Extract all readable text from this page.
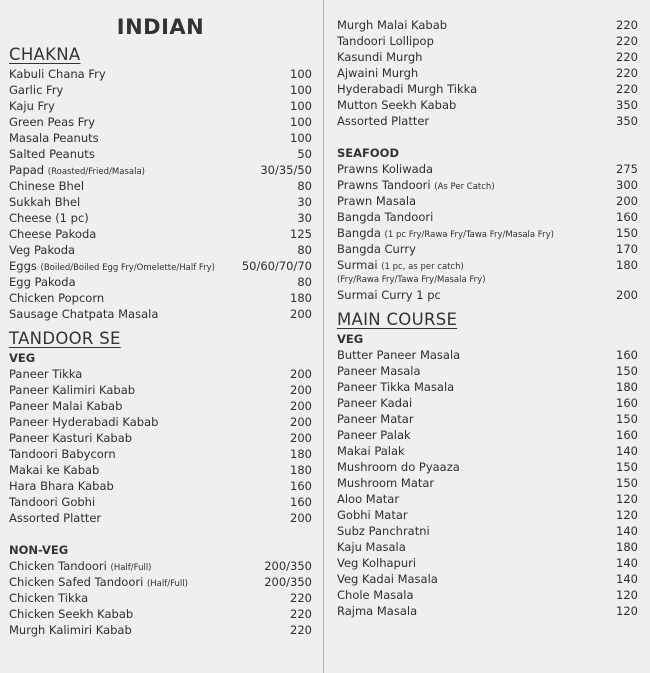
INDIAN
CHAKNA
Kabuli Chana Fry	100
Garlic Fry	100
Kaju Fry	100
Green Peas Fry	100
Masala Peanuts	100
Salted Peanuts	50
Papad (Roasted/Fried/Masala)	30/35/50
Chinese Bhel	80
Sukkah Bhel	30
Cheese (1 pc)	30
Cheese Pakoda	125
Veg Pakoda	80
Eggs (Boiled/Boiled Egg Fry/Omelette/Half Fry) 50/60/70/70
Egg Pakoda	80
Chicken Popcorn	180
Sausage Chatpata Masala	200
TANDOOR SE
VEG
Paneer Tikka	200
Paneer Kalimiri Kabab	200
Paneer Malai Kabab	200
Paneer Hyderabadi Kabab	200
Paneer Kasturi Kabab	200
Tandoori Babycorn	180
Makai ke Kabab	180
Hara Bhara Kabab	160
Tandoori Gobhi	160
Assorted Platter	200
NON-VEG
Chicken Tandoori (Half/Full)	200/350
Chicken Safed Tandoori (Half/Full)	200/350
Chicken Tikka	220
Chicken Seekh Kabab	220
Murgh Kalimiri Kabab	220
Murgh Malai Kabab	220
Tandoori Lollipop	220
Kasundi Murgh	220
Ajwaini Murgh	220
Hyderabadi Murgh Tikka	220
Mutton Seekh Kabab	350
Assorted Platter	350
SEAFOOD
Prawns Koliwada	275
Prawns Tandoori (As Per Catch)	300
Prawn Masala	200
Bangda Tandoori	160
Bangda (1 pc Fry/Rawa Fry/Tawa Fry/Masala Fry)	150
Bangda Curry	170
Surmai (1 pc, as per catch)	180
(Fry/Rawa Fry/Tawa Fry/Masala Fry)
Surmai Curry 1 pc	200
MAIN COURSE
VEG
Butter Paneer Masala	160
Paneer Masala	150
Paneer Tikka Masala	180
Paneer Kadai	160
Paneer Matar	150
Paneer Palak	160
Makai Palak	140
Mushroom do Pyaaza	150
Mushroom Matar	150
Aloo Matar	120
Gobhi Matar	120
Subz Panchratni	140
Kaju Masala	180
Veg Kolhapuri	140
Veg Kadai Masala	140
Chole Masala	120
Rajma Masala	120
